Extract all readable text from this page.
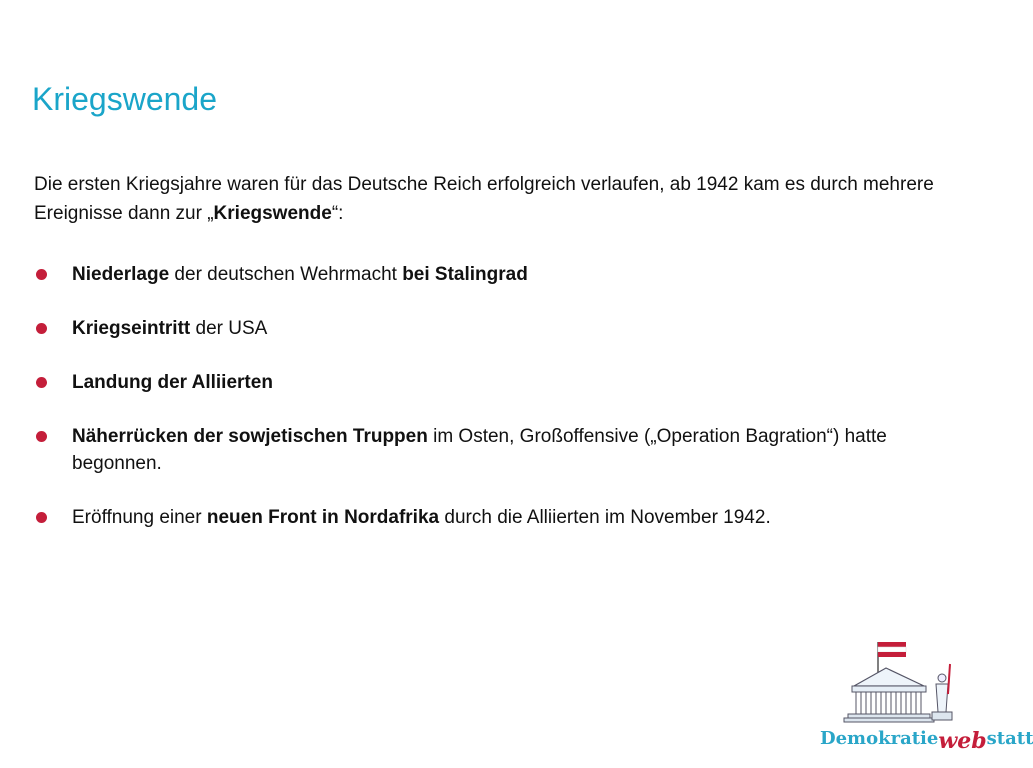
Kriegswende

Die ersten Kriegsjahre waren für das Deutsche Reich erfolgreich verlaufen, ab 1942 kam es durch mehrere Ereignisse dann zur „Kriegswende“:

Niederlage der deutschen Wehrmacht bei Stalingrad
Kriegseintritt der USA
Landung der Alliierten
Näherrücken der sowjetischen Truppen im Osten, Großoffensive („Operation Bagration“) hatte begonnen.
Eröffnung einer neuen Front in Nordafrika durch die Alliierten im November 1942.
Demokratiewebstatt
